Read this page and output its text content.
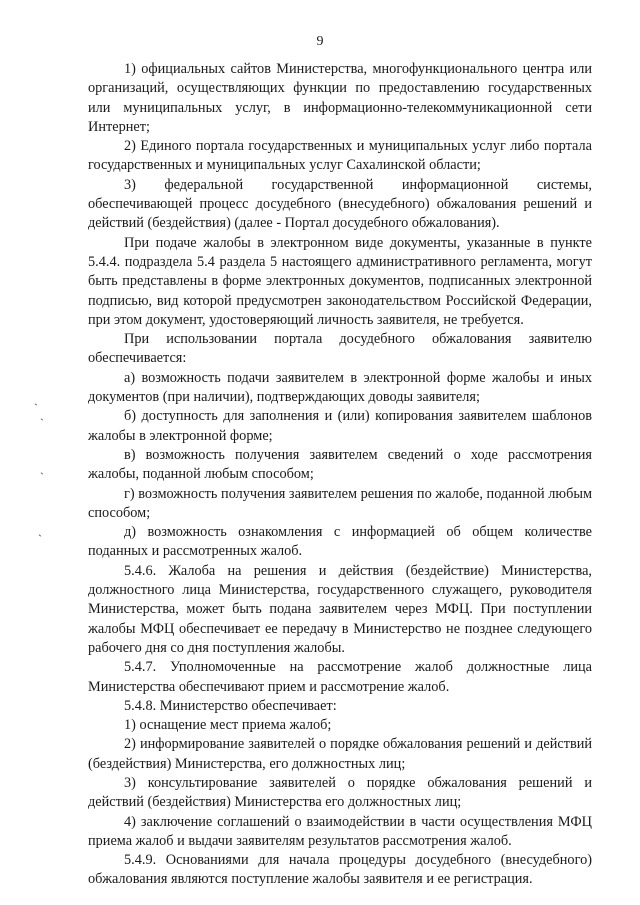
9

1) официальных сайтов Министерства, многофункционального центра или организаций, осуществляющих функции по предоставлению государственных или муниципальных услуг, в информационно-телекоммуникационной сети Интернет;

2) Единого портала государственных и муниципальных услуг либо портала государственных и муниципальных услуг Сахалинской области;

3) федеральной государственной информационной системы, обеспечивающей процесс досудебного (внесудебного) обжалования решений и действий (бездействия) (далее - Портал досудебного обжалования).

При подаче жалобы в электронном виде документы, указанные в пункте 5.4.4. подраздела 5.4 раздела 5 настоящего административного регламента, могут быть представлены в форме электронных документов, подписанных электронной подписью, вид которой предусмотрен законодательством Российской Федерации, при этом документ, удостоверяющий личность заявителя, не требуется.

При использовании портала досудебного обжалования заявителю обеспечивается:

а) возможность подачи заявителем в электронной форме жалобы и иных документов (при наличии), подтверждающих доводы заявителя;

б) доступность для заполнения и (или) копирования заявителем шаблонов жалобы в электронной форме;

в) возможность получения заявителем сведений о ходе рассмотрения жалобы, поданной любым способом;

г) возможность получения заявителем решения по жалобе, поданной любым способом;

д) возможность ознакомления с информацией об общем количестве поданных и рассмотренных жалоб.

5.4.6. Жалоба на решения и действия (бездействие) Министерства, должностного лица Министерства, государственного служащего, руководителя Министерства, может быть подана заявителем через МФЦ. При поступлении жалобы МФЦ обеспечивает ее передачу в Министерство не позднее следующего рабочего дня со дня поступления жалобы.

5.4.7. Уполномоченные на рассмотрение жалоб должностные лица Министерства обеспечивают прием и рассмотрение жалоб.

5.4.8. Министерство обеспечивает:

1) оснащение мест приема жалоб;

2) информирование заявителей о порядке обжалования решений и действий (бездействия) Министерства, его должностных лиц;

3) консультирование заявителей о порядке обжалования решений и действий (бездействия) Министерства его должностных лиц;

4) заключение соглашений о взаимодействии в части осуществления МФЦ приема жалоб и выдачи заявителям результатов рассмотрения жалоб.

5.4.9. Основаниями для начала процедуры досудебного (внесудебного) обжалования являются поступление жалобы заявителя и ее регистрация.

ˋ ˏ
ˎ
ˎ
